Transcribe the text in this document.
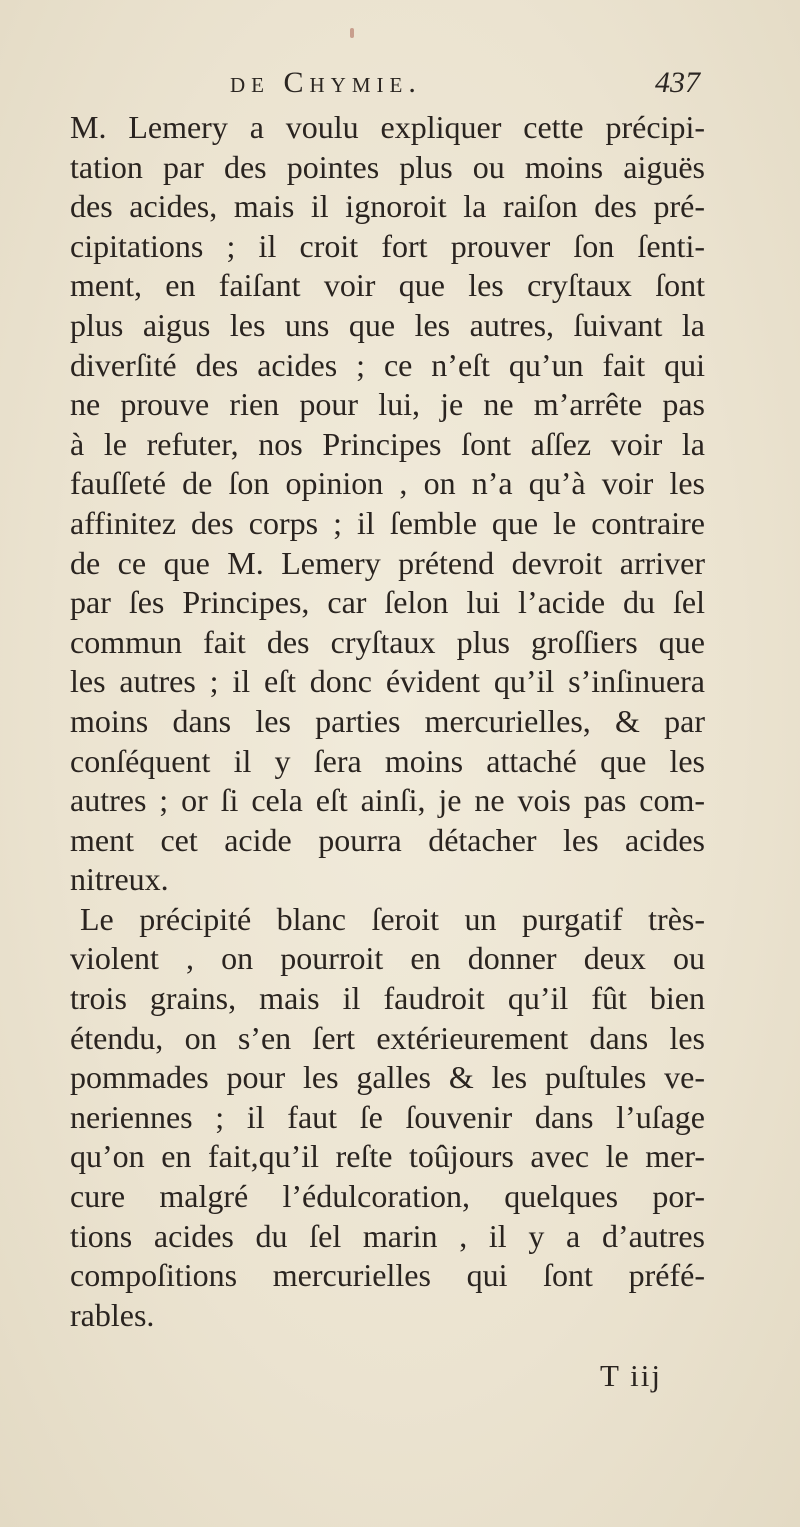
de Chymie.	437
M. Lemery a voulu expliquer cette précipi-
tation par des pointes plus ou moins aiguës
des acides, mais il ignoroit la raiſon des pré-
cipitations ; il croit fort prouver ſon ſenti-
ment, en faiſant voir que les cryſtaux ſont
plus aigus les uns que les autres, ſuivant la
diverſité des acides ; ce n’eſt qu’un fait qui
ne prouve rien pour lui, je ne m’arrête pas
à le refuter, nos Principes ſont aſſez voir la
fauſſeté de ſon opinion , on n’a qu’à voir les
affinitez des corps ; il ſemble que le contraire
de ce que M. Lemery prétend devroit arriver
par ſes Principes, car ſelon lui l’acide du ſel
commun fait des cryſtaux plus groſſiers que
les autres ; il eſt donc évident qu’il s’inſinuera
moins dans les parties mercurielles, & par
conſéquent il y ſera moins attaché que les
autres ; or ſi cela eſt ainſi, je ne vois pas com-
ment cet acide pourra détacher les acides
nitreux.
Le précipité blanc ſeroit un purgatif très-
violent , on pourroit en donner deux ou
trois grains, mais il faudroit qu’il fût bien
étendu, on s’en ſert extérieurement dans les
pommades pour les galles & les puſtules ve-
neriennes ; il faut ſe ſouvenir dans l’uſage
qu’on en fait,qu’il reſte toûjours avec le mer-
cure malgré l’édulcoration, quelques por-
tions acides du ſel marin , il y a d’autres
compoſitions mercurielles qui ſont préfé-
rables.
T iij
